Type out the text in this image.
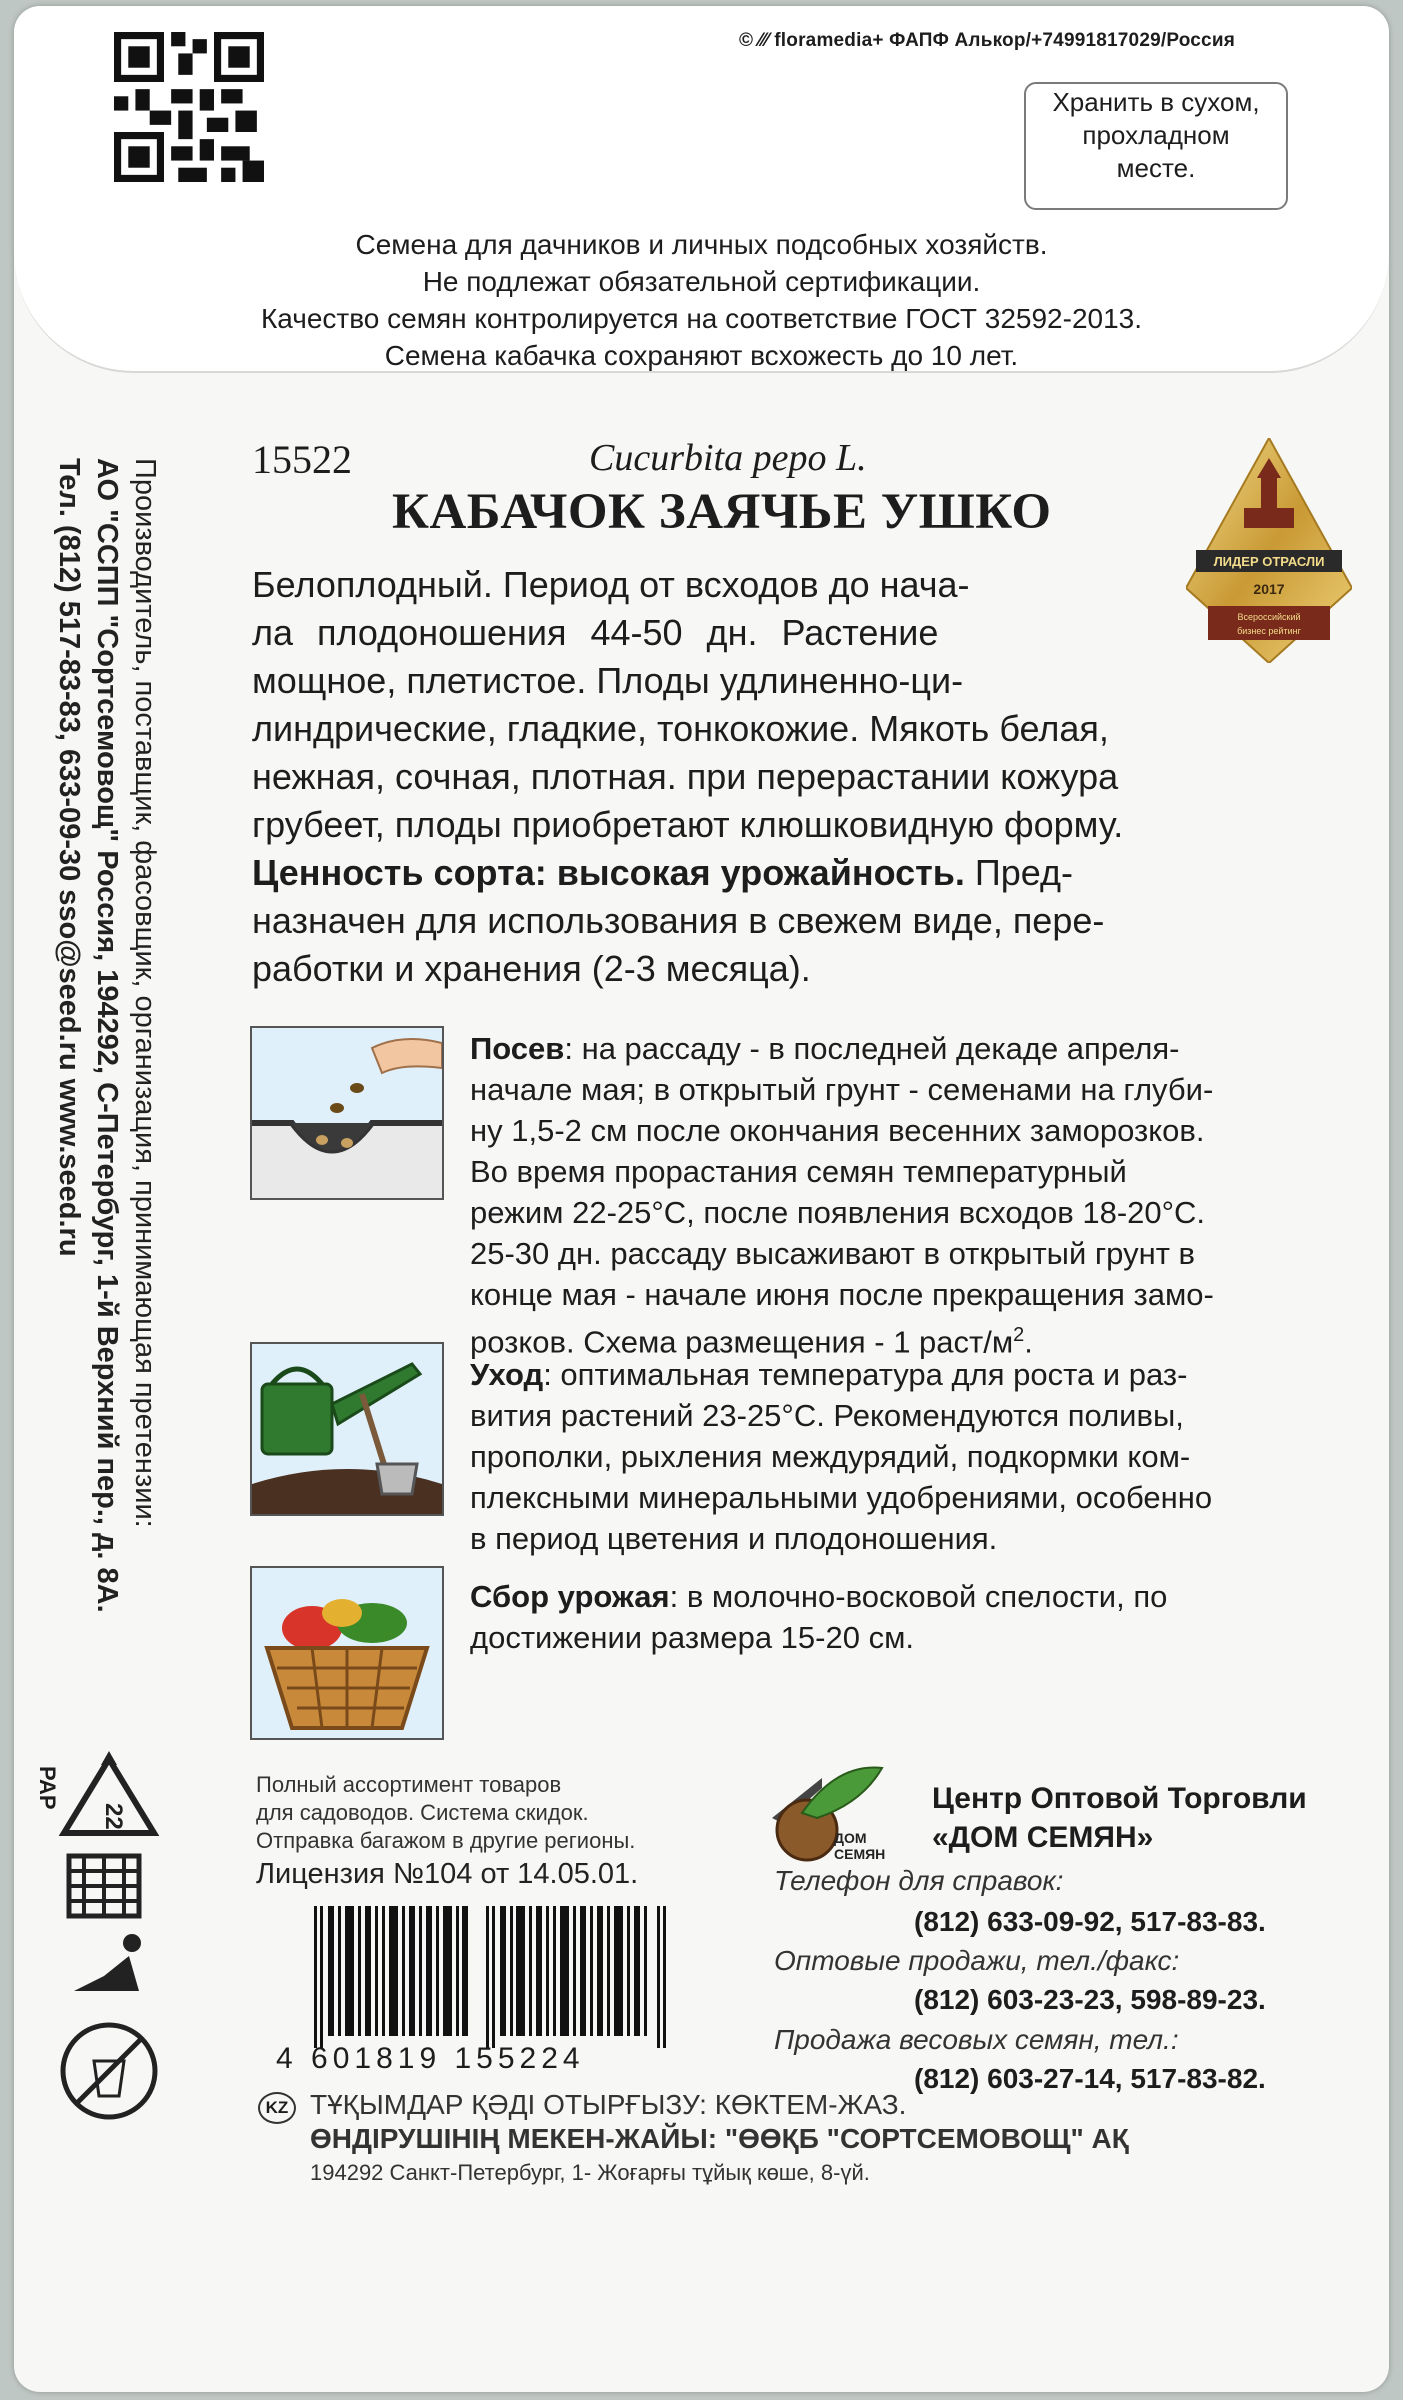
© ⁄⁄⁄ floramedia+ ФАПФ Алькор/+74991817029/Россия
Хранить в сухом,
прохладном
месте.
Семена для дачников и личных подсобных хозяйств.
Не подлежат обязательной сертификации.
Качество семян контролируется на соответствие ГОСТ 32592-2013.
Семена кабачка сохраняют всхожесть до 10 лет.
Производитель, поставщик, фасовщик, организация, принимающая претензии:
АО "ССПП "Сортсемовощ" Россия, 194292, С-Петербург, 1-й Верхний пер., д. 8А.
Тел. (812) 517-83-83, 633-09-30 sso@seed.ru www.seed.ru	15522	Cucurbita pepo L.
КАБАЧОК ЗАЯЧЬЕ УШКО
ЛИДЕР ОТРАСЛИ
2017
Всероссийский
бизнес рейтинг
Белоплодный. Период от всходов до нача-
ла плодоношения 44-50 дн. Растение
мощное, плетистое. Плоды удлиненно-ци-
линдрические, гладкие, тонкокожие. Мякоть белая,
нежная, сочная, плотная. при перерастании кожура
грубеет, плоды приобретают клюшковидную форму.
Ценность сорта: высокая урожайность. Пред-
назначен для использования в свежем виде, пере-
работки и хранения (2-3 месяца).
Посев: на рассаду - в последней декаде апреля-
начале мая; в открытый грунт - семенами на глуби-
ну 1,5-2 см после окончания весенних заморозков.
Во время прорастания семян температурный
режим 22-25°С, после появления всходов 18-20°С.
25-30 дн. рассаду высаживают в открытый грунт в
конце мая - начале июня после прекращения замо-
розков. Схема размещения - 1 раст/$м^2$.
Уход: оптимальная температура для роста и раз-
вития растений 23-25°С. Рекомендуются поливы,
прополки, рыхления междурядий, подкормки ком-
плексными минеральными удобрениями, особенно
в период цветения и плодоношения.
Сбор урожая: в молочно-восковой спелости, по
достижении размера 15-20 см.
22
PAP	Полный ассортимент товаров
для садоводов. Система скидок.
Отправка багажом в другие регионы.
Лицензия №104 от 14.05.01.
ДОМ
СЕМЯН
Центр Оптовой Торговли
«ДОМ СЕМЯН»
Телефон для справок:
(812) 633-09-92, 517-83-83.
Оптовые продажи, тел./факс:
(812) 603-23-23, 598-89-23.
Продажа весовых семян, тел.:
(812) 603-27-14, 517-83-82.
4 601819 155224
KZ ТҰҚЫМДАР ҚӘДІ ОТЫРҒЫЗУ: КӨКТЕМ-ЖАЗ.
ӨНДІРУШІНІҢ МЕКЕН-ЖАЙЫ: "ӨӨҚБ "СОРТСЕМОВОЩ" АҚ
194292 Санкт-Петербург, 1- Жоғарғы тұйық көше, 8-үй.
